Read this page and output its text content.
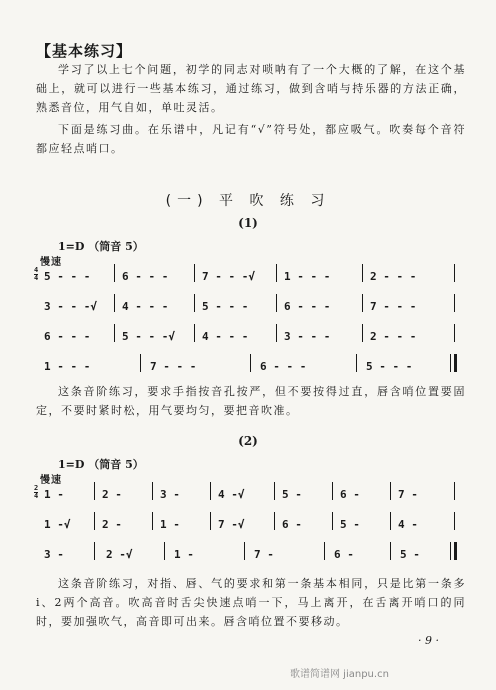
【基本练习】

学习了以上七个问题，初学的同志对唢呐有了一个大概的了解，在这个基础上，就可以进行一些基本练习，通过练习，做到含哨与持乐器的方法正确，熟悉音位，用气自如，单吐灵活。

下面是练习曲。在乐谱中，凡记有“√”符号处，都应吸气。吹奏每个音符都应轻点哨口。

(一) 平 吹 练 习
(1)
1=D （筒音 5）
慢速
4
4 5 - - -	6 - - -	7 - - -√	1 - - -	2 - - -
3 - - -√ 4 - - -	5 - - -	6 - - -	7 - - -
6 - - -	5 - - -√ 4 - - -	3 - - -	2 - - -
1 - - -	7 - - -	6 - - -	5 - - -

这条音阶练习，要求手指按音孔按严，但不要按得过直，唇含哨位置要固定，不要时紧时松，用气要均匀，要把音吹准。

(2)
1=D （筒音 5）
慢速
2
4 1 -	2 -	3 -	4 -√	5 -	6 -	7 -
1 -√	2 -	1 -	7 -√	6 -	5 -	4 -
3 -	2 -√	1 -	7 -	6 -	5 -

这条音阶练习，对指、唇、气的要求和第一条基本相同，只是比第一条多i、2两个高音。吹高音时舌尖快速点哨一下，马上离开，在舌离开哨口的同时，要加强吹气，高音即可出来。唇含哨位置不要移动。

· 9 ·
歌谱简谱网 jianpu.cn
